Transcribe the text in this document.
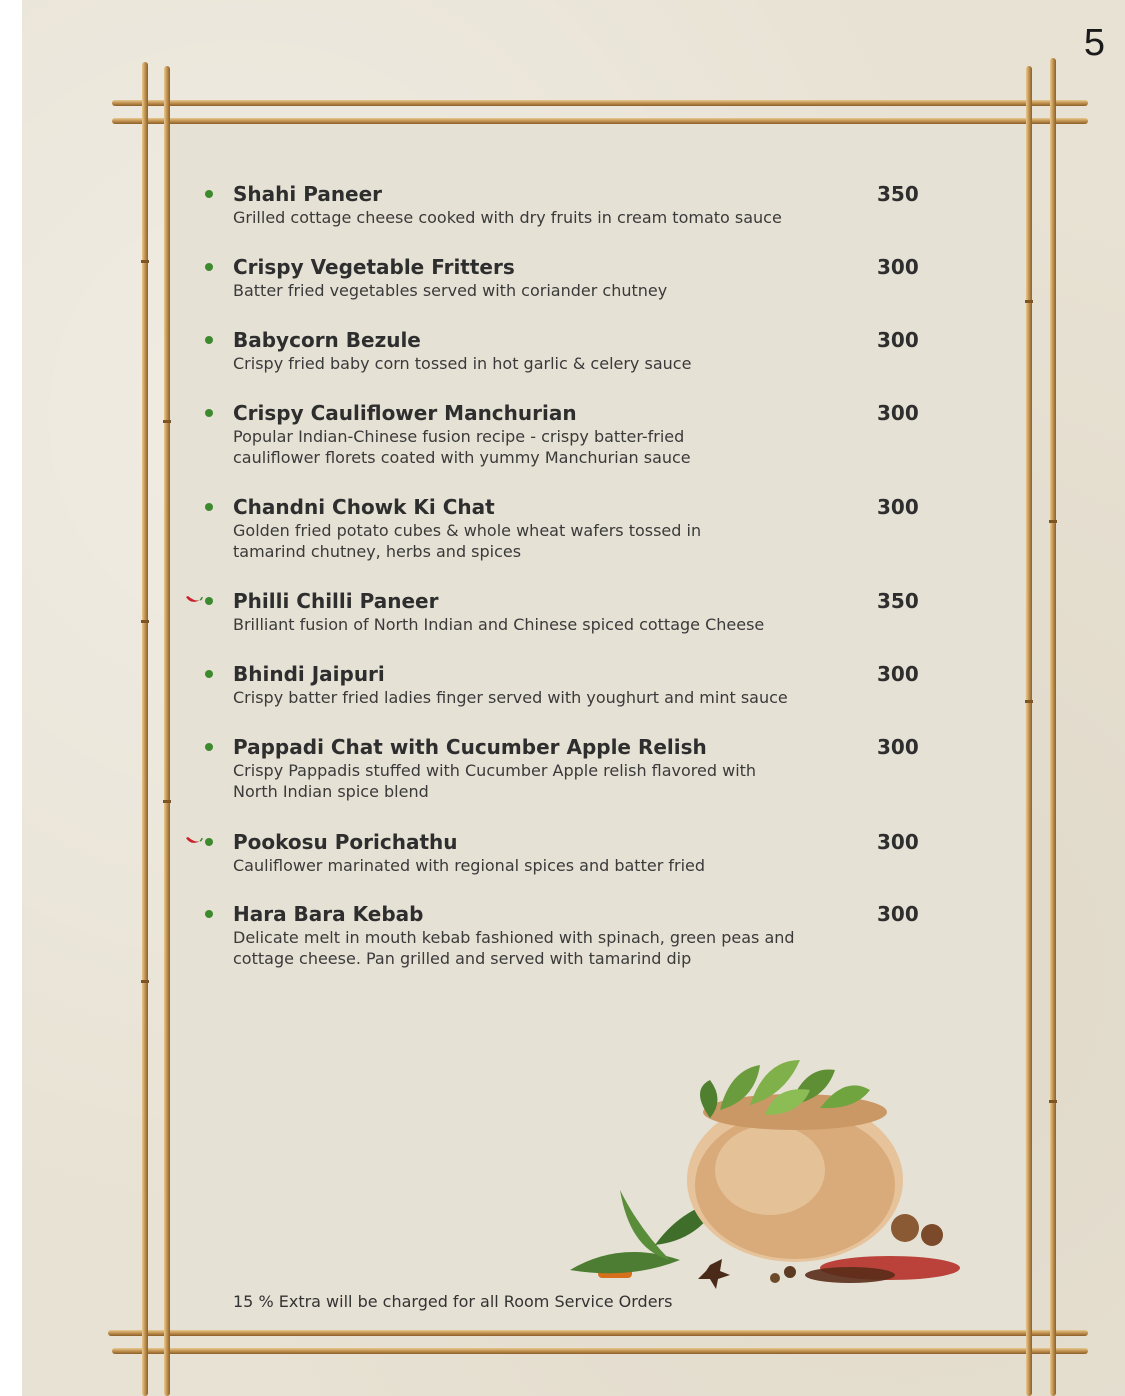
5
Shahi Paneer
Grilled cottage cheese cooked with dry fruits in cream tomato sauce
350
Crispy Vegetable Fritters
Batter fried vegetables served with coriander chutney
300
Babycorn Bezule
Crispy fried baby corn tossed in hot garlic & celery sauce
300
Crispy Cauliflower Manchurian
Popular Indian-Chinese fusion recipe - crispy batter-fried cauliflower florets coated with yummy Manchurian sauce
300
Chandni Chowk Ki Chat
Golden fried potato cubes & whole wheat wafers tossed in tamarind chutney, herbs and spices
300
Philli Chilli Paneer
Brilliant fusion of North Indian and Chinese spiced cottage Cheese
350
Bhindi Jaipuri
Crispy batter fried ladies finger served with youghurt and mint sauce
300
Pappadi Chat with Cucumber Apple Relish
Crispy Pappadis stuffed with Cucumber Apple relish flavored with North Indian spice blend
300
Pookosu Porichathu
Cauliflower marinated with regional spices and batter fried
300
Hara Bara Kebab
Delicate melt in mouth kebab fashioned with spinach, green peas and cottage cheese. Pan grilled and served with tamarind dip
300
15 % Extra will be charged for all Room Service Orders
